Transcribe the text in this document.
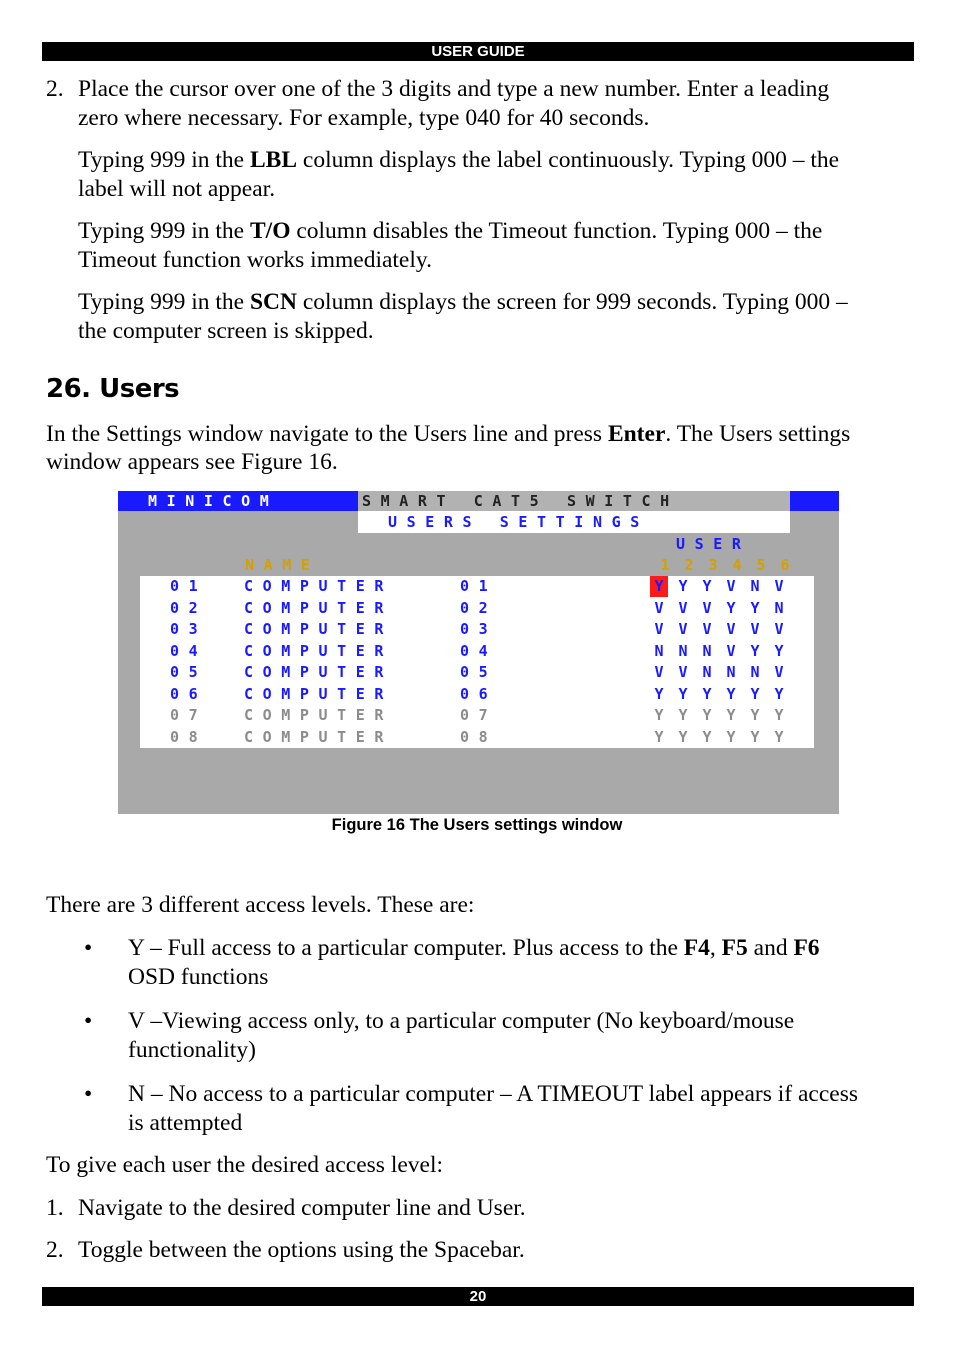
USER GUIDE
2. Place the cursor over one of the 3 digits and type a new number. Enter a leading

zero where necessary. For example, type 040 for 40 seconds.

Typing 999 in the LBL column displays the label continuously. Typing 000 – the

label will not appear.

Typing 999 in the T/O column disables the Timeout function. Typing 000 – the

Timeout function works immediately.

Typing 999 in the SCN column displays the screen for 999 seconds. Typing 000 –

the computer screen is skipped.

26. Users

In the Settings window navigate to the Users line and press Enter. The Users settings

window appears see Figure 16.

MINICOM	SMART CAT5 SWITCH
USERS SETTINGS
USER
NAME	1 2 3 4 5 6
01 COMPUTER	01	Y Y Y V N V
02 COMPUTER	02	V V V Y Y N
03 COMPUTER	03	V V V V V V
04 COMPUTER	04	N N N V Y Y
05 COMPUTER	05	V V N N N V
06 COMPUTER	06	Y Y Y Y Y Y
07 COMPUTER	07	Y Y Y Y Y Y
08 COMPUTER	08	Y Y Y Y Y Y
Figure 16 The Users settings window

There are 3 different access levels. These are:

• Y – Full access to a particular computer. Plus access to the F4, F5 and F6

OSD functions

• V –Viewing access only, to a particular computer (No keyboard/mouse

functionality)

• N – No access to a particular computer – A TIMEOUT label appears if access

is attempted

To give each user the desired access level:

1. Navigate to the desired computer line and User.

2. Toggle between the options using the Spacebar.

20
